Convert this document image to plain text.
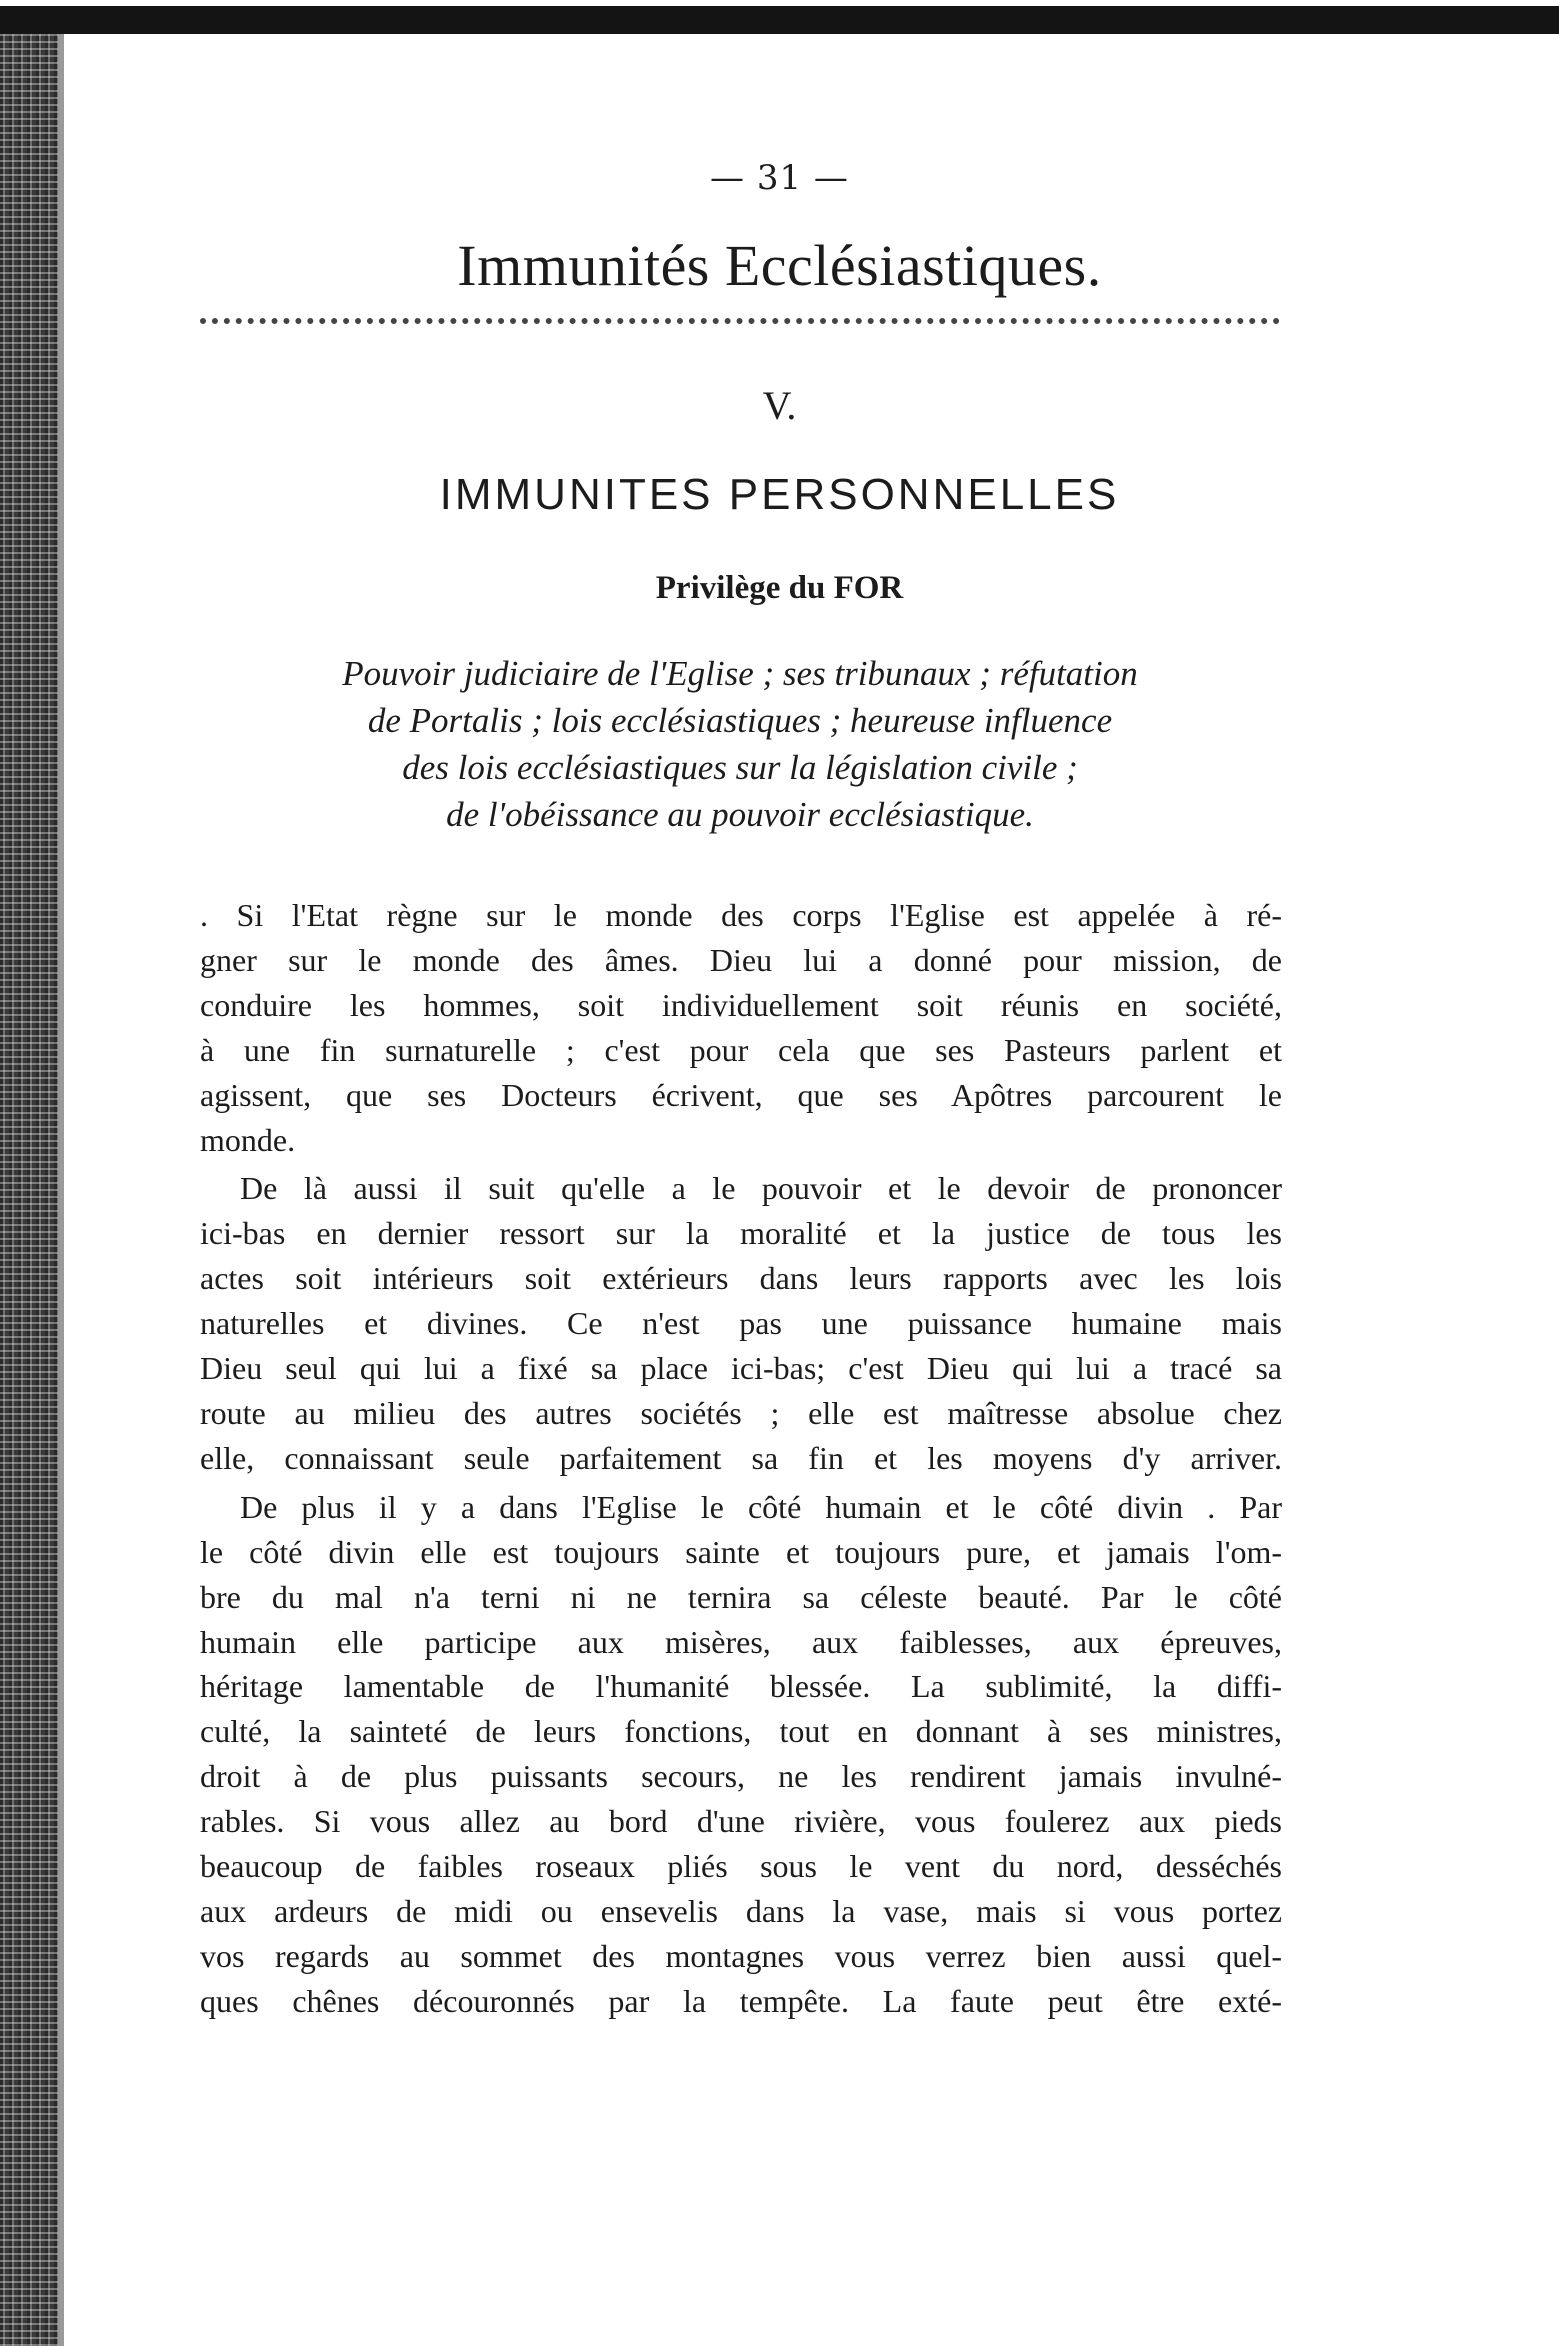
— 31 —
Immunités Ecclésiastiques.
V.
IMMUNITES PERSONNELLES
Privilège du FOR
Pouvoir judiciaire de l'Eglise ; ses tribunaux ; réfutation
de Portalis ; lois ecclésiastiques ; heureuse influence
des lois ecclésiastiques sur la législation civile ;
de l'obéissance au pouvoir ecclésiastique.
. Si l'Etat règne sur le monde des corps l'Eglise est appelée à ré-
gner sur le monde des âmes. Dieu lui a donné pour mission, de
conduire les hommes, soit individuellement soit réunis en société,
à une fin surnaturelle ; c'est pour cela que ses Pasteurs parlent et
agissent, que ses Docteurs écrivent, que ses Apôtres parcourent le
monde.
De là aussi il suit qu'elle a le pouvoir et le devoir de prononcer
ici-bas en dernier ressort sur la moralité et la justice de tous les
actes soit intérieurs soit extérieurs dans leurs rapports avec les lois
naturelles et divines. Ce n'est pas une puissance humaine mais
Dieu seul qui lui a fixé sa place ici-bas; c'est Dieu qui lui a tracé sa
route au milieu des autres sociétés ; elle est maîtresse absolue chez
elle, connaissant seule parfaitement sa fin et les moyens d'y arriver.
De plus il y a dans l'Eglise le côté humain et le côté divin . Par
le côté divin elle est toujours sainte et toujours pure, et jamais l'om-
bre du mal n'a terni ni ne ternira sa céleste beauté. Par le côté
humain elle participe aux misères, aux faiblesses, aux épreuves,
héritage lamentable de l'humanité blessée. La sublimité, la diffi-
culté, la sainteté de leurs fonctions, tout en donnant à ses ministres,
droit à de plus puissants secours, ne les rendirent jamais invulné-
rables. Si vous allez au bord d'une rivière, vous foulerez aux pieds
beaucoup de faibles roseaux pliés sous le vent du nord, desséchés
aux ardeurs de midi ou ensevelis dans la vase, mais si vous portez
vos regards au sommet des montagnes vous verrez bien aussi quel-
ques chênes découronnés par la tempête. La faute peut être exté-
